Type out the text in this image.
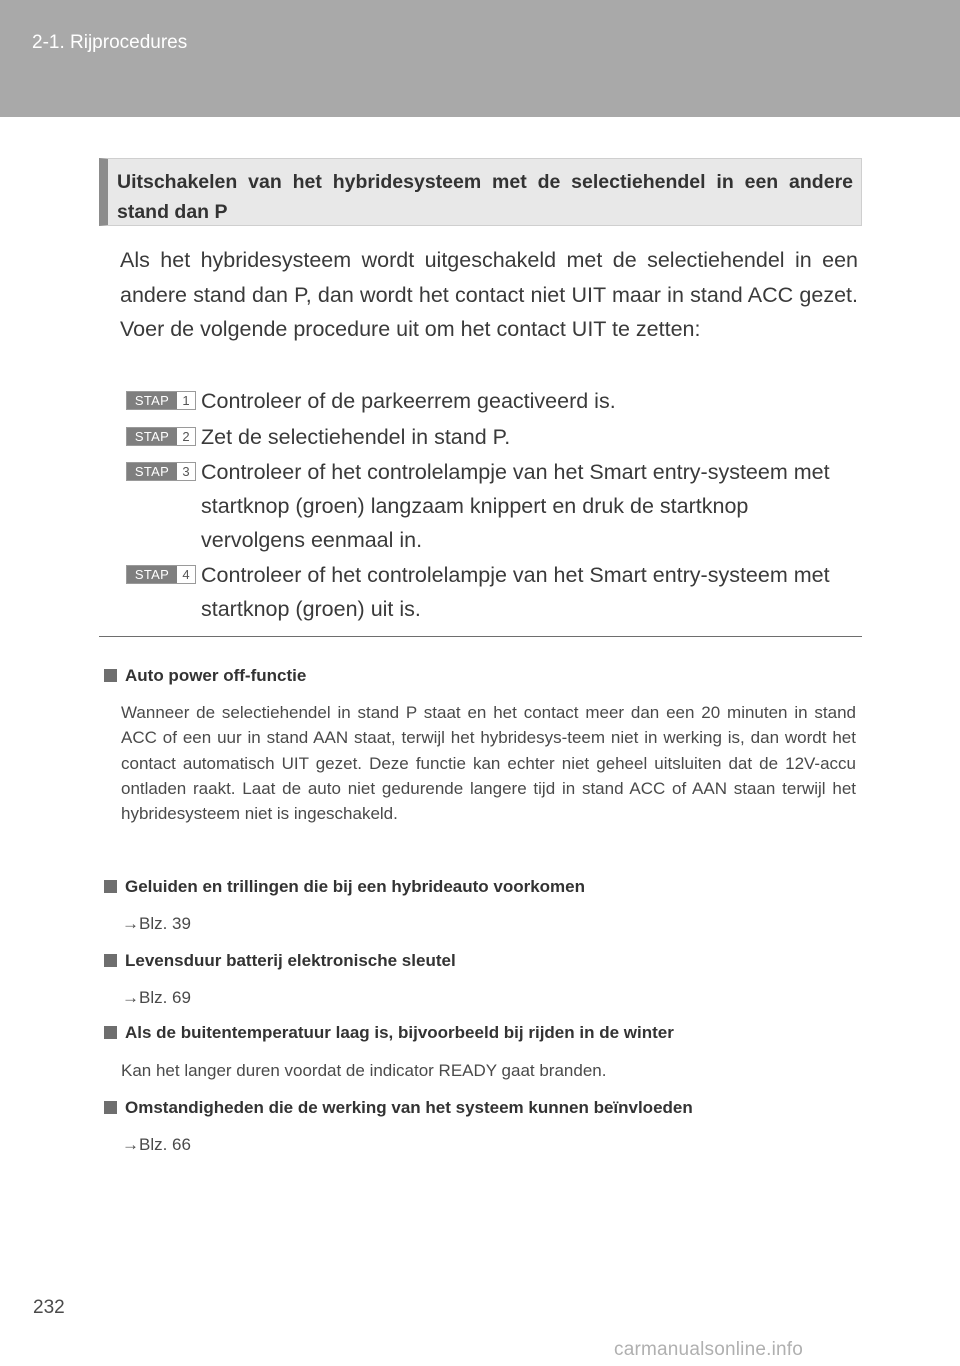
2-1. Rijprocedures
Uitschakelen van het hybridesysteem met de selectiehendel in een andere stand dan P

Als het hybridesysteem wordt uitgeschakeld met de selectiehendel in een andere stand dan P, dan wordt het contact niet UIT maar in stand ACC gezet. Voer de volgende procedure uit om het contact UIT te zetten:

STAP	1 Controleer of de parkeerrem geactiveerd is.
STAP	2 Zet de selectiehendel in stand P.
STAP	3 Controleer of het controlelampje van het Smart entry-systeem met startknop (groen) langzaam knippert en druk de startknop vervolgens eenmaal in.
STAP	4 Controleer of het controlelampje van het Smart entry-systeem met startknop (groen) uit is.
Auto power off-functie

Wanneer de selectiehendel in stand P staat en het contact meer dan een 20 minuten in stand ACC of een uur in stand AAN staat, terwijl het hybridesys-teem niet in werking is, dan wordt het contact automatisch UIT gezet. Deze functie kan echter niet geheel uitsluiten dat de 12V-accu ontladen raakt. Laat de auto niet gedurende langere tijd in stand ACC of AAN staan terwijl het hybridesysteem niet is ingeschakeld.

Geluiden en trillingen die bij een hybrideauto voorkomen

→Blz. 39

Levensduur batterij elektronische sleutel

→Blz. 69

Als de buitentemperatuur laag is, bijvoorbeeld bij rijden in de winter

Kan het langer duren voordat de indicator READY gaat branden.

Omstandigheden die de werking van het systeem kunnen beïnvloeden

→Blz. 66

232
carmanualsonline.info
